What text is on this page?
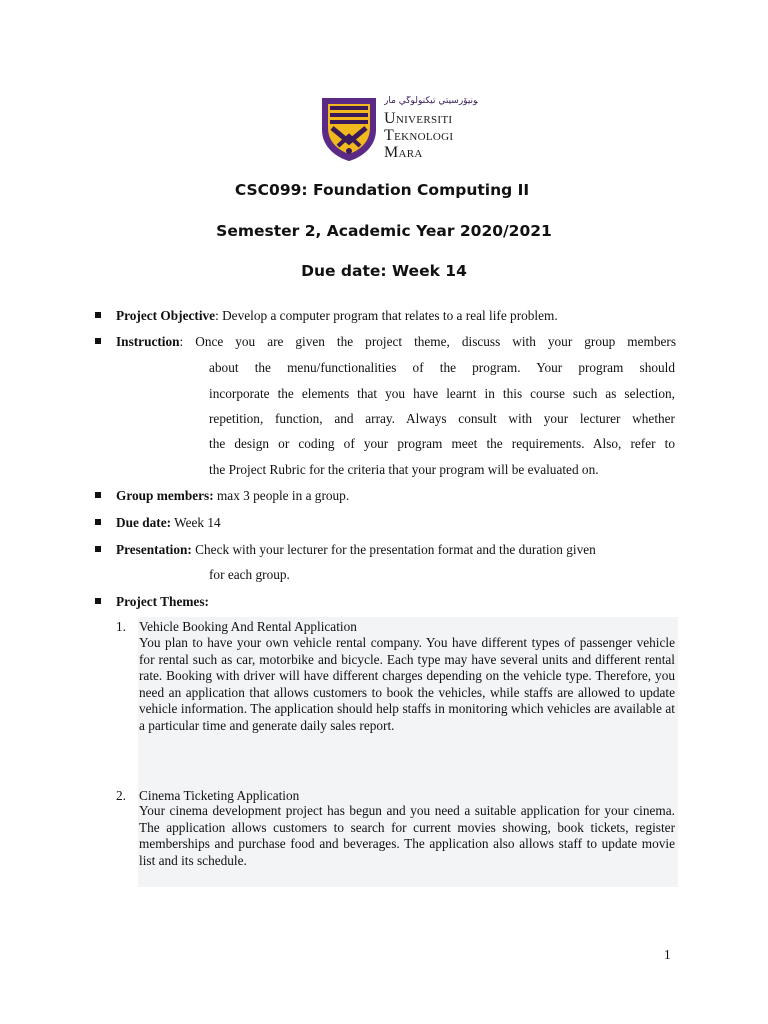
ﻮﻧﻴﯚﺭﺳﻴﺘﻲ ﺗﻴﮑﻨﻮﻟﻮﮔﻲ ﻣﺎﺭ
Universiti
Teknologi
Mara
CSC099: Foundation Computing II
Semester 2, Academic Year 2020/2021
Due date: Week 14
Project Objective: Develop a computer program that relates to a real life problem.
Instruction: Once you are given the project theme, discuss with your group members
about the menu/functionalities of the program. Your program should
incorporate the elements that you have learnt in this course such as selection,
repetition, function, and array. Always consult with your lecturer whether
the design or coding of your program meet the requirements. Also, refer to
the Project Rubric for the criteria that your program will be evaluated on.
Group members: max 3 people in a group.
Due date: Week 14
Presentation: Check with your lecturer for the presentation format and the duration given
for each group.
Project Themes:
1. Vehicle Booking And Rental Application
You plan to have your own vehicle rental company. You have different types of passenger vehicle for rental such as car, motorbike and bicycle. Each type may have several units and different rental rate. Booking with driver will have different charges depending on the vehicle type. Therefore, you need an application that allows customers to book the vehicles, while staffs are allowed to update vehicle information. The application should help staffs in monitoring which vehicles are available at a particular time and generate daily sales report.
2. Cinema Ticketing Application
Your cinema development project has begun and you need a suitable application for your cinema. The application allows customers to search for current movies showing, book tickets, register memberships and purchase food and beverages. The application also allows staff to update movie list and its schedule.
1
